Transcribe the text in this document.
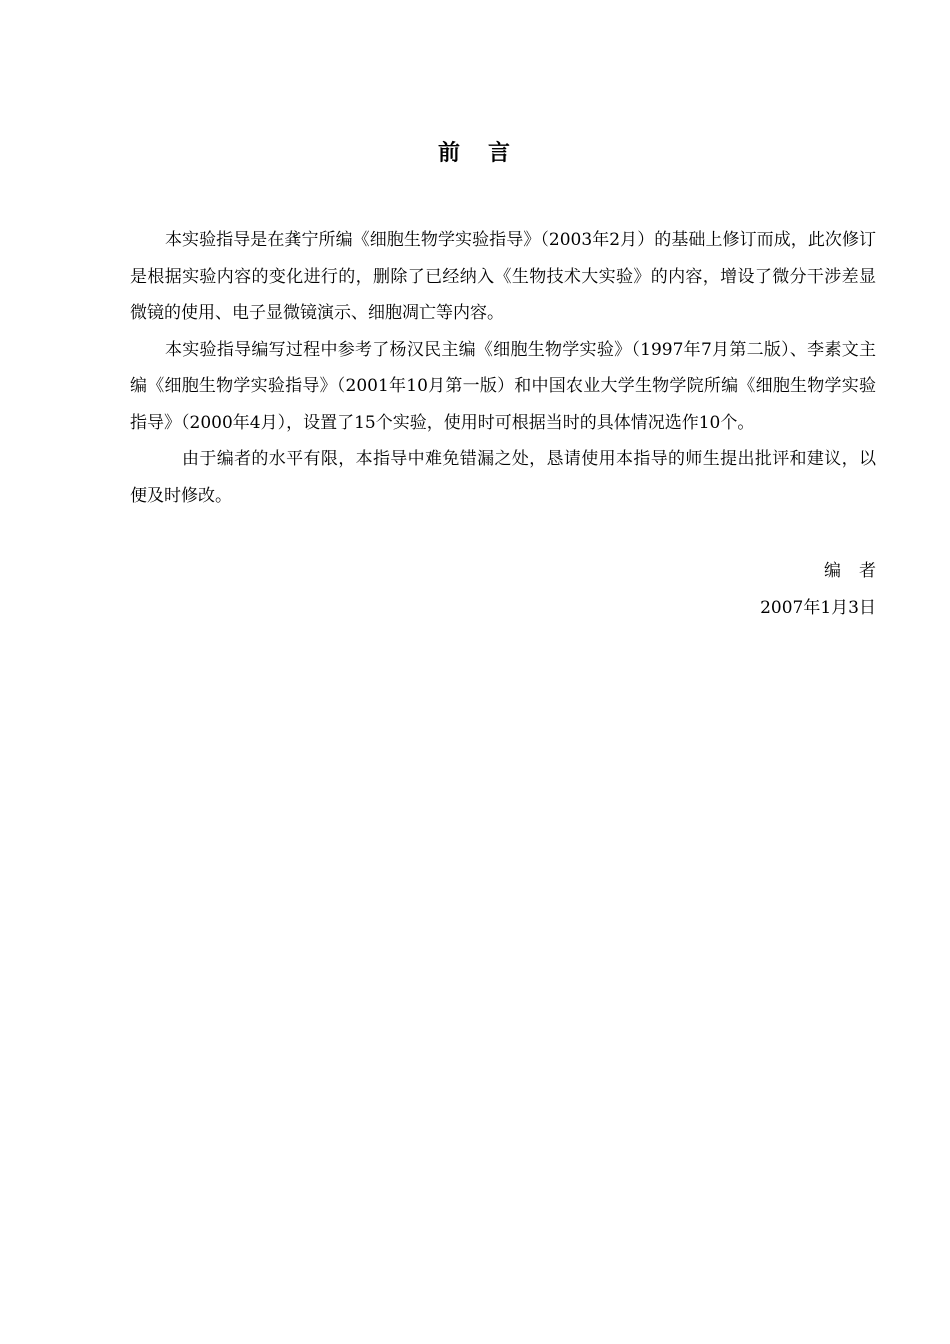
前 言

本实验指导是在龚宁所编《细胞生物学实验指导》（2003年2月）的基础上修订而成，此次修订是根据实验内容的变化进行的，删除了已经纳入《生物技术大实验》的内容，增设了微分干涉差显微镜的使用、电子显微镜演示、细胞凋亡等内容。

本实验指导编写过程中参考了杨汉民主编《细胞生物学实验》（1997年7月第二版）、李素文主编《细胞生物学实验指导》（2001年10月第一版）和中国农业大学生物学院所编《细胞生物学实验指导》（2000年4月），设置了15个实验，使用时可根据当时的具体情况选作10个。

由于编者的水平有限，本指导中难免错漏之处，恳请使用本指导的师生提出批评和建议，以便及时修改。

编者
2007年1月3日
